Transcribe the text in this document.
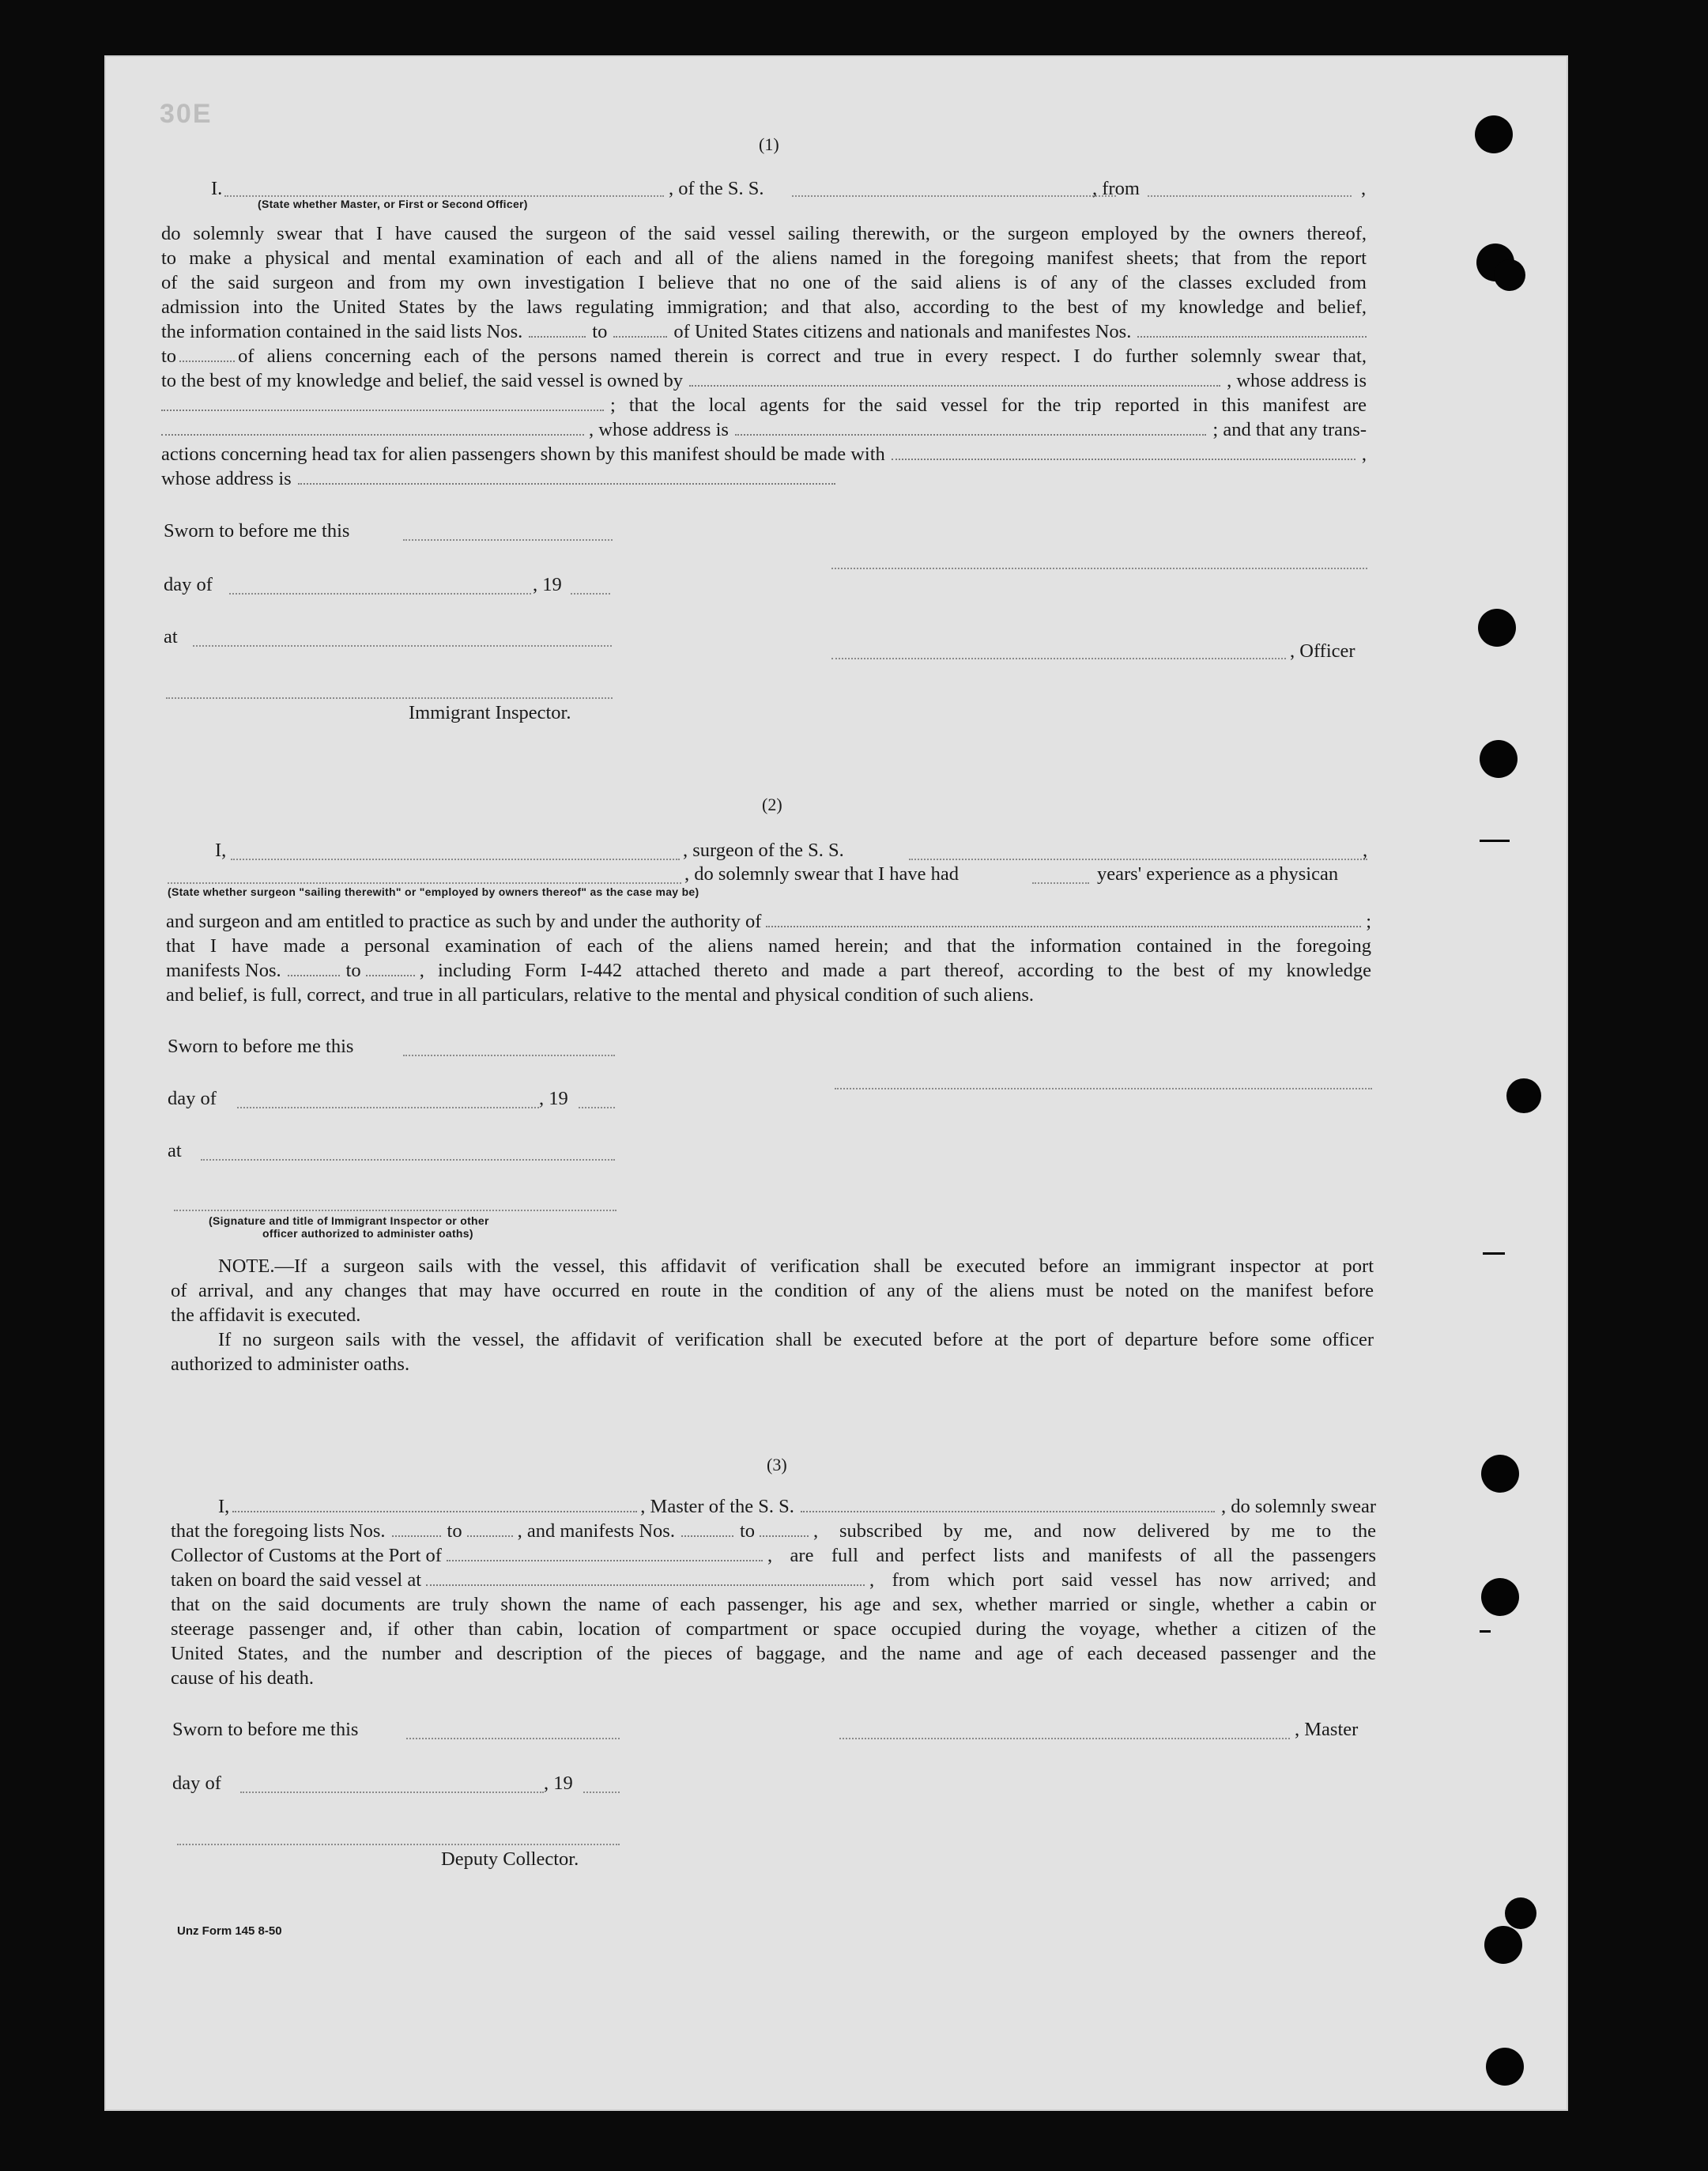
30E
(1)
I.	, of the S. S.	, from	,
(State whether Master, or First or Second Officer)
do solemnly swear that I have caused the surgeon of the said vessel sailing therewith, or the surgeon employed by the owners thereof,
to make a physical and mental examination of each and all of the aliens named in the foregoing manifest sheets; that from the report
of the said surgeon and from my own investigation I believe that no one of the said aliens is of any of the classes excluded from
admission into the United States by the laws regulating immigration; and that also, according to the best of my knowledge and belief,
the information contained in the said lists Nos.	to	of United States citizens and nationals and manifestes Nos.
to	of aliens concerning each of the persons named therein is correct and true in every respect. I do further solemnly swear that,
to the best of my knowledge and belief, the said vessel is owned by	, whose address is
; that the local agents for the said vessel for the trip reported in this manifest are
, whose address is	; and that any trans-
actions concerning head tax for alien passengers shown by this manifest should be made with	,
whose address is
Sworn to before me this
day of	, 19
at
, Officer
Immigrant Inspector.
(2)
I,	, surgeon of the S. S.	,
, do solemnly swear that I have had	years' experience as a physican
(State whether surgeon "sailing therewith" or "employed by owners thereof" as the case may be)
and surgeon and am entitled to practice as such by and under the authority of	;
that I have made a personal examination of each of the aliens named herein; and that the information contained in the foregoing
manifests Nos.	to	, including Form I-442 attached thereto and made a part thereof, according to the best of my knowledge
and belief, is full, correct, and true in all particulars, relative to the mental and physical condition of such aliens.
Sworn to before me this
day of	, 19
at
(Signature and title of Immigrant Inspector or other
officer authorized to administer oaths)
NOTE.—If a surgeon sails with the vessel, this affidavit of verification shall be executed before an immigrant inspector at port
of arrival, and any changes that may have occurred en route in the condition of any of the aliens must be noted on the manifest before
the affidavit is executed.
If no surgeon sails with the vessel, the affidavit of verification shall be executed before at the port of departure before some officer
authorized to administer oaths.
(3)
I,	, Master of the S. S.	, do solemnly swear
that the foregoing lists Nos.	to	, and manifests Nos.	to	, subscribed by me, and now delivered by me to the
Collector of Customs at the Port of	, are full and perfect lists and manifests of all the passengers
taken on board the said vessel at	, from which port said vessel has now arrived; and
that on the said documents are truly shown the name of each passenger, his age and sex, whether married or single, whether a cabin or
steerage passenger and, if other than cabin, location of compartment or space occupied during the voyage, whether a citizen of the
United States, and the number and description of the pieces of baggage, and the name and age of each deceased passenger and the
cause of his death.
Sworn to before me this	, Master
day of	, 19
Deputy Collector.
Unz Form 145 8-50
